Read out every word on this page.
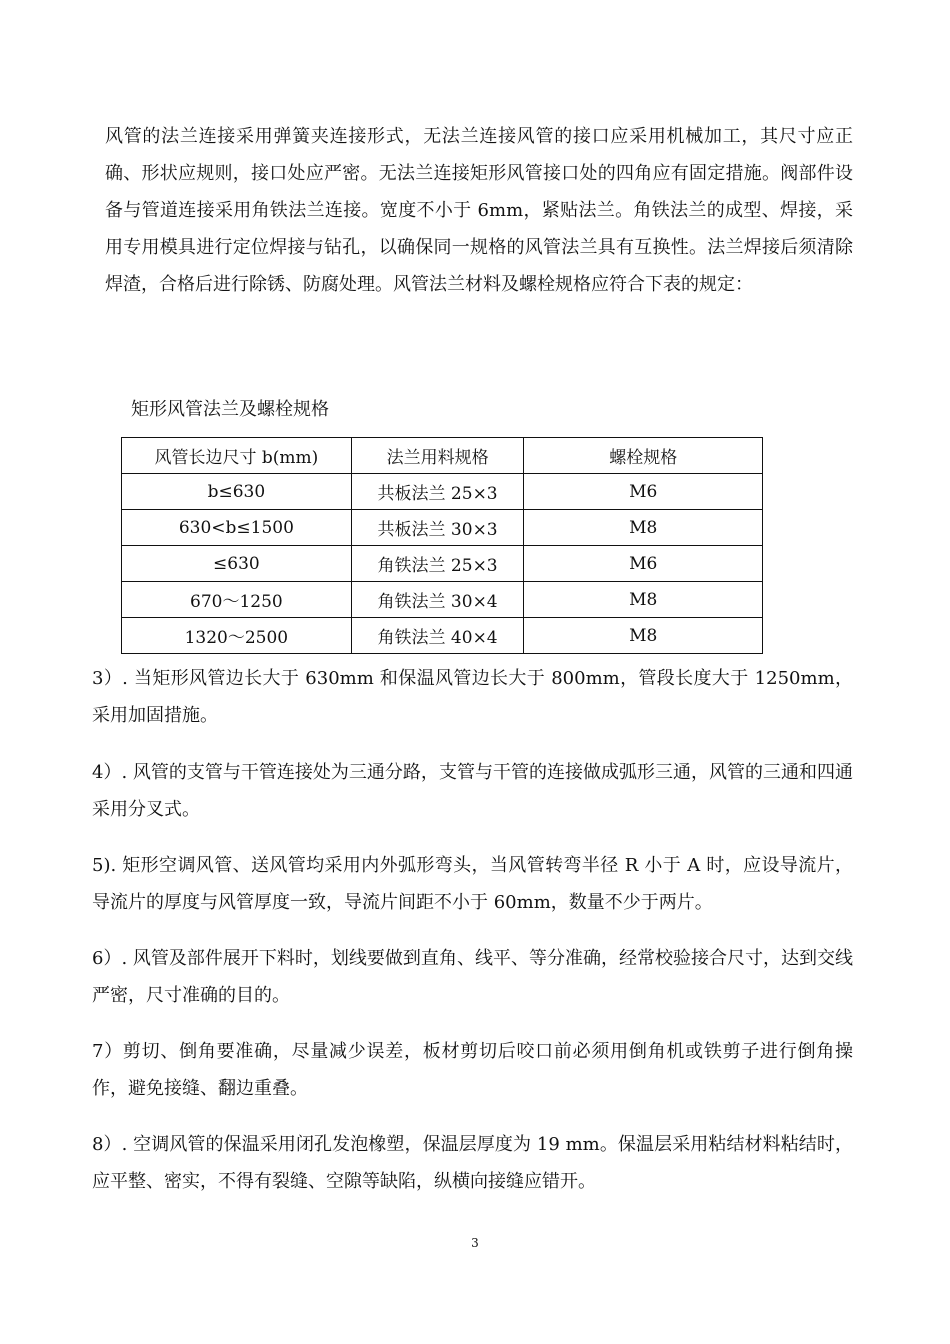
风管的法兰连接采用弹簧夹连接形式，无法兰连接风管的接口应采用机械加工，其尺寸应正确、形状应规则，接口处应严密。无法兰连接矩形风管接口处的四角应有固定措施。阀部件设备与管道连接采用角铁法兰连接。宽度不小于 6mm，紧贴法兰。角铁法兰的成型、焊接，采用专用模具进行定位焊接与钻孔，以确保同一规格的风管法兰具有互换性。法兰焊接后须清除焊渣，合格后进行除锈、防腐处理。风管法兰材料及螺栓规格应符合下表的规定：

矩形风管法兰及螺栓规格
风管长边尺寸 b(mm)	法兰用料规格	螺栓规格
b≤630	共板法兰 25×3	M6
630<b≤1500	共板法兰 30×3	M8
≤630	角铁法兰 25×3	M6
670～1250	角铁法兰 30×4	M8
1320～2500	角铁法兰 40×4	M8

3）. 当矩形风管边长大于 630mm 和保温风管边长大于 800mm，管段长度大于 1250mm，采用加固措施。

4）. 风管的支管与干管连接处为三通分路，支管与干管的连接做成弧形三通，风管的三通和四通采用分叉式。

5). 矩形空调风管、送风管均采用内外弧形弯头，当风管转弯半径 R 小于 A 时，应设导流片，导流片的厚度与风管厚度一致，导流片间距不小于 60mm，数量不少于两片。

6）. 风管及部件展开下料时，划线要做到直角、线平、等分准确，经常校验接合尺寸，达到交线严密，尺寸准确的目的。

7）剪切、倒角要准确，尽量减少误差，板材剪切后咬口前必须用倒角机或铁剪子进行倒角操作，避免接缝、翻边重叠。

8）. 空调风管的保温采用闭孔发泡橡塑，保温层厚度为 19 mm。保温层采用粘结材料粘结时，应平整、密实，不得有裂缝、空隙等缺陷，纵横向接缝应错开。

3
